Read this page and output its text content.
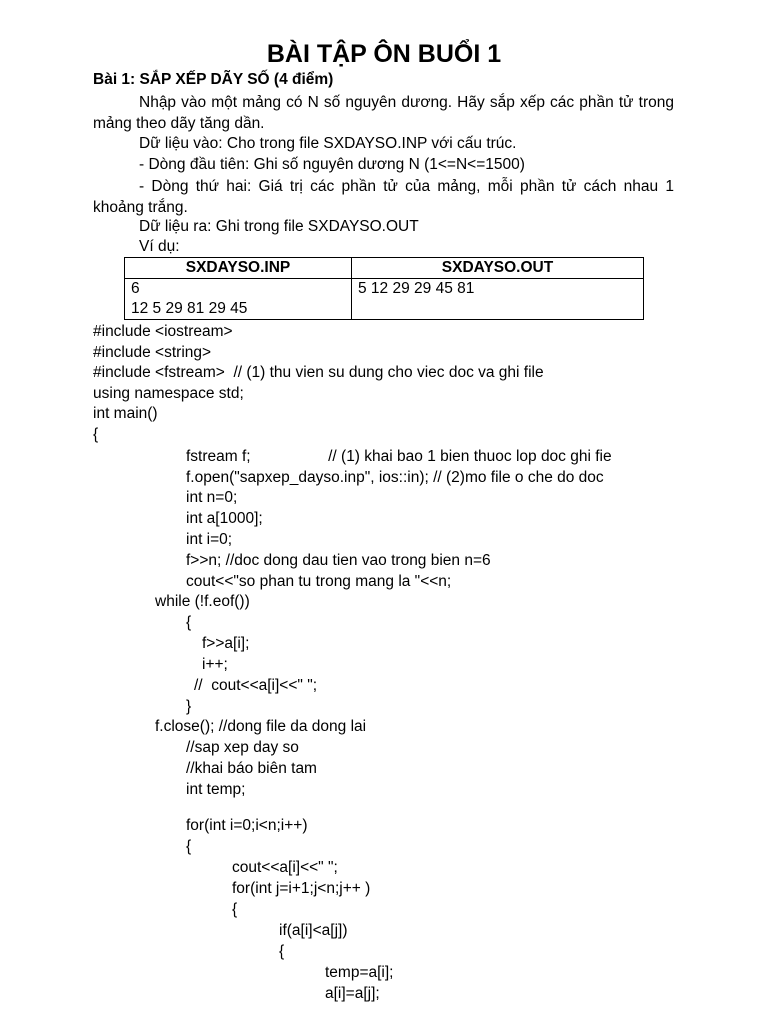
BÀI TẬP ÔN BUỔI 1
Bài 1: SẮP XẾP DÃY SỐ (4 điểm)
Nhập vào một mảng có N số nguyên dương. Hãy sắp xếp các phần tử trong mảng theo dãy tăng dần.
Dữ liệu vào: Cho trong file SXDAYSO.INP với cấu trúc.
- Dòng đầu tiên: Ghi số nguyên dương N (1<=N<=1500)
- Dòng thứ hai: Giá trị các phần tử của mảng, mỗi phần tử cách nhau 1 khoảng trắng.
Dữ liệu ra: Ghi trong file SXDAYSO.OUT
Ví dụ:
SXDAYSO.INP	SXDAYSO.OUT

6
12 5 29 81 29 45	5 12 29 29 45 81
#include <iostream>
#include <string>
#include <fstream>  // (1) thu vien su dung cho viec doc va ghi file
using namespace std;
int main()
{
fstream f;                  // (1) khai bao 1 bien thuoc lop doc ghi fie
f.open("sapxep_dayso.inp", ios::in); // (2)mo file o che do doc
int n=0;
int a[1000];
int i=0;
f>>n; //doc dong dau tien vao trong bien n=6
cout<<"so phan tu trong mang la "<<n;
while (!f.eof())
{
f>>a[i];
i++;
//  cout<<a[i]<<" ";
}
f.close(); //dong file da dong lai
//sap xep day so
//khai báo biên tam
int temp;
for(int i=0;i<n;i++)
{
cout<<a[i]<<" ";
for(int j=i+1;j<n;j++ )
{
if(a[i]<a[j])
{
temp=a[i];
a[i]=a[j];
